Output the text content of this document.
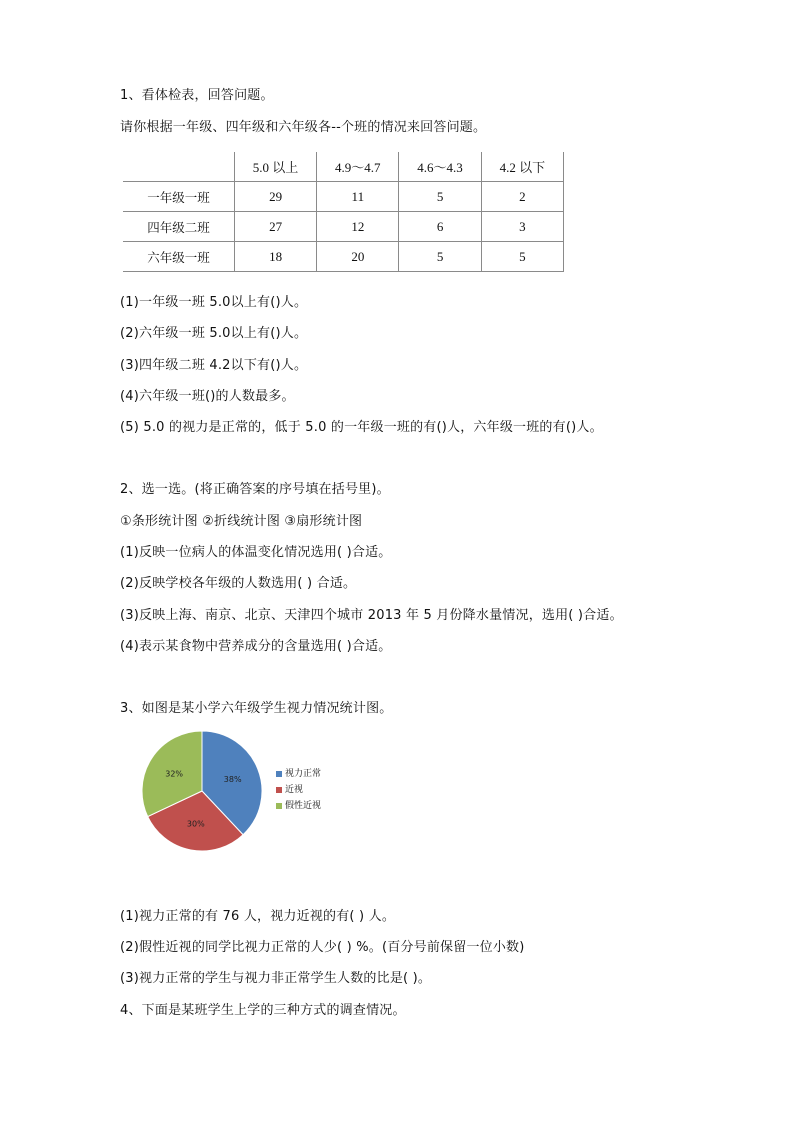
1、看体检表，回答问题。
请你根据一年级、四年级和六年级各--个班的情况来回答问题。
	5.0 以上	4.9～4.7	4.6～4.3	4.2 以下
一年级一班	29	11	5	2
四年级二班	27	12	6	3
六年级一班	18	20	5	5
(1)一年级一班 5.0以上有()人。
(2)六年级一班 5.0以上有()人。
(3)四年级二班 4.2以下有()人。
(4)六年级一班()的人数最多。
(5) 5.0 的视力是正常的，低于 5.0 的一年级一班的有()人，六年级一班的有()人。
2、选一选。(将正确答案的序号填在括号里)。
①条形统计图 ②折线统计图 ③扇形统计图
(1)反映一位病人的体温变化情况选用( )合适。
(2)反映学校各年级的人数选用( ) 合适。
(3)反映上海、南京、北京、天津四个城市 2013 年 5 月份降水量情况，选用( )合适。
(4)表示某食物中营养成分的含量选用( )合适。
3、如图是某小学六年级学生视力情况统计图。
38%
30%
32%	视力正常
近视
假性近视
(1)视力正常的有 76 人，视力近视的有( ) 人。
(2)假性近视的同学比视力正常的人少( ) %。(百分号前保留一位小数)
(3)视力正常的学生与视力非正常学生人数的比是( )。
4、下面是某班学生上学的三种方式的调查情况。
